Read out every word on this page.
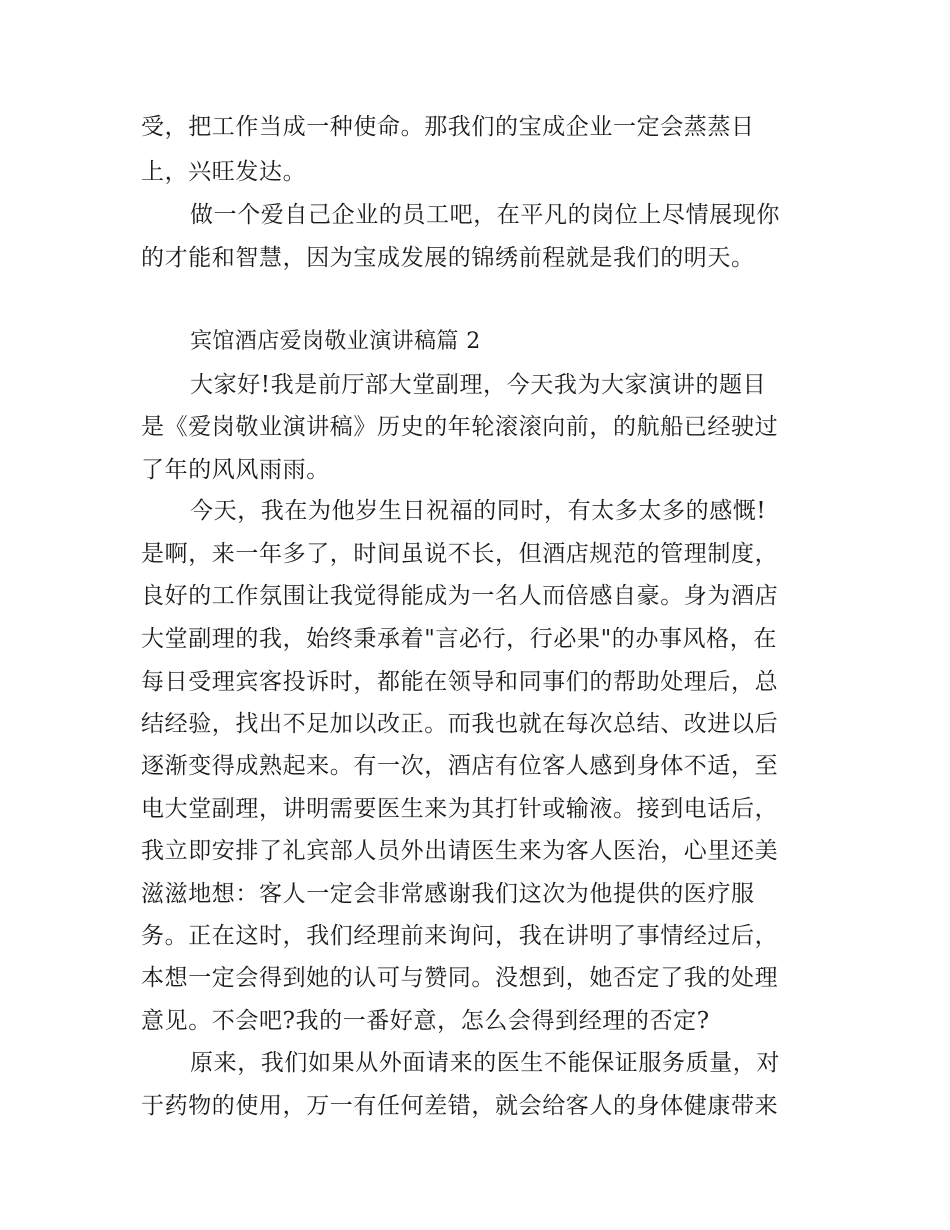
受，把工作当成一种使命。那我们的宝成企业一定会蒸蒸日
上，兴旺发达。
做一个爱自己企业的员工吧，在平凡的岗位上尽情展现你
的才能和智慧，因为宝成发展的锦绣前程就是我们的明天。
宾馆酒店爱岗敬业演讲稿篇 2
大家好!我是前厅部大堂副理，今天我为大家演讲的题目
是《爱岗敬业演讲稿》历史的年轮滚滚向前，的航船已经驶过
了年的风风雨雨。
今天，我在为他岁生日祝福的同时，有太多太多的感慨!
是啊，来一年多了，时间虽说不长，但酒店规范的管理制度，
良好的工作氛围让我觉得能成为一名人而倍感自豪。身为酒店
大堂副理的我，始终秉承着"言必行，行必果"的办事风格，在
每日受理宾客投诉时，都能在领导和同事们的帮助处理后，总
结经验，找出不足加以改正。而我也就在每次总结、改进以后
逐渐变得成熟起来。有一次，酒店有位客人感到身体不适，至
电大堂副理，讲明需要医生来为其打针或输液。接到电话后，
我立即安排了礼宾部人员外出请医生来为客人医治，心里还美
滋滋地想：客人一定会非常感谢我们这次为他提供的医疗服
务。正在这时，我们经理前来询问，我在讲明了事情经过后，
本想一定会得到她的认可与赞同。没想到，她否定了我的处理
意见。不会吧?我的一番好意，怎么会得到经理的否定?
原来，我们如果从外面请来的医生不能保证服务质量，对
于药物的使用，万一有任何差错，就会给客人的身体健康带来
